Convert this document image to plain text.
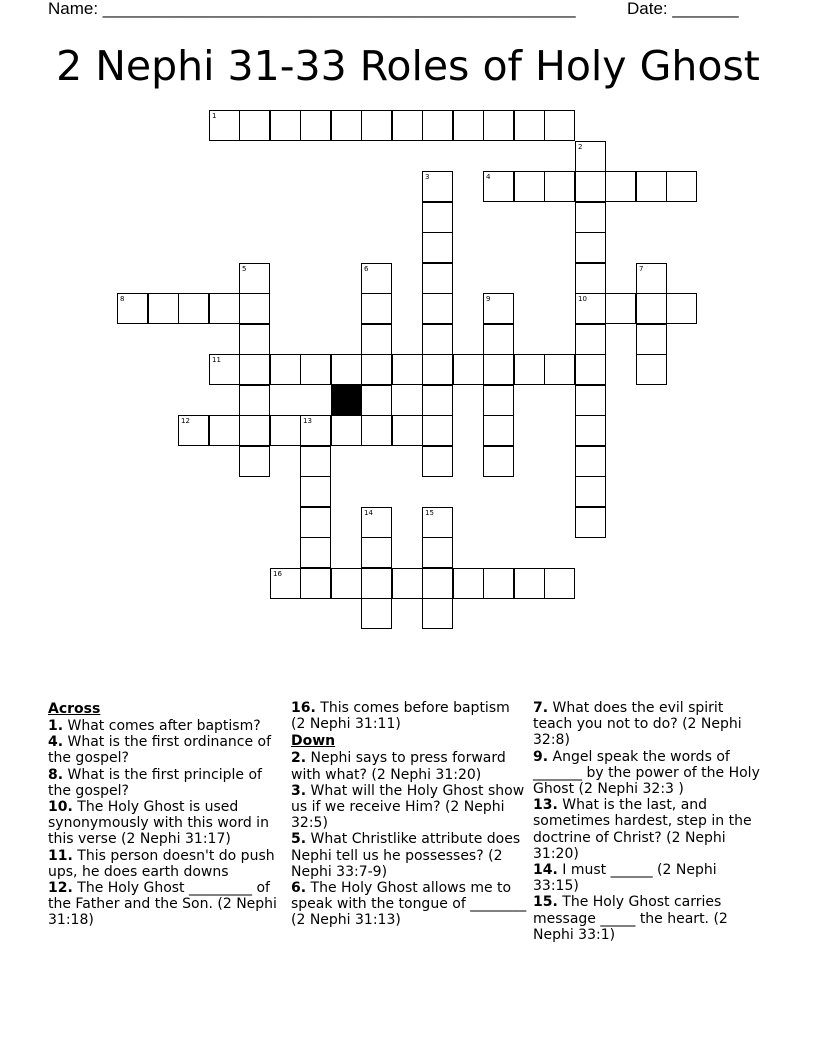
Name: __________________________________________________	Date: _______
2 Nephi 31-33 Roles of Holy Ghost
1
2
10
3	4
5	6	7
8	9
11
12	13
14	15
16

Across

1. What comes after baptism?

4. What is the first ordinance of the gospel?

8. What is the first principle of the gospel?

10. The Holy Ghost is used synonymously with this word in this verse (2 Nephi 31:17)

11. This person doesn't do push ups, he does earth downs

12. The Holy Ghost _________ of the Father and the Son. (2 Nephi 31:18)

16. This comes before baptism (2 Nephi 31:11)

Down

2. Nephi says to press forward with what? (2 Nephi 31:20)

3. What will the Holy Ghost show us if we receive Him? (2 Nephi 32:5)

5. What Christlike attribute does Nephi tell us he possesses? (2 Nephi 33:7-9)

6. The Holy Ghost allows me to speak with the tongue of ________ (2 Nephi 31:13)

7. What does the evil spirit teach you not to do? (2 Nephi 32:8)

9. Angel speak the words of _______ by the power of the Holy Ghost (2 Nephi 32:3 )

13. What is the last, and sometimes hardest, step in the doctrine of Christ? (2 Nephi 31:20)

14. I must ______ (2 Nephi 33:15)

15. The Holy Ghost carries message _____ the heart. (2 Nephi 33:1)
